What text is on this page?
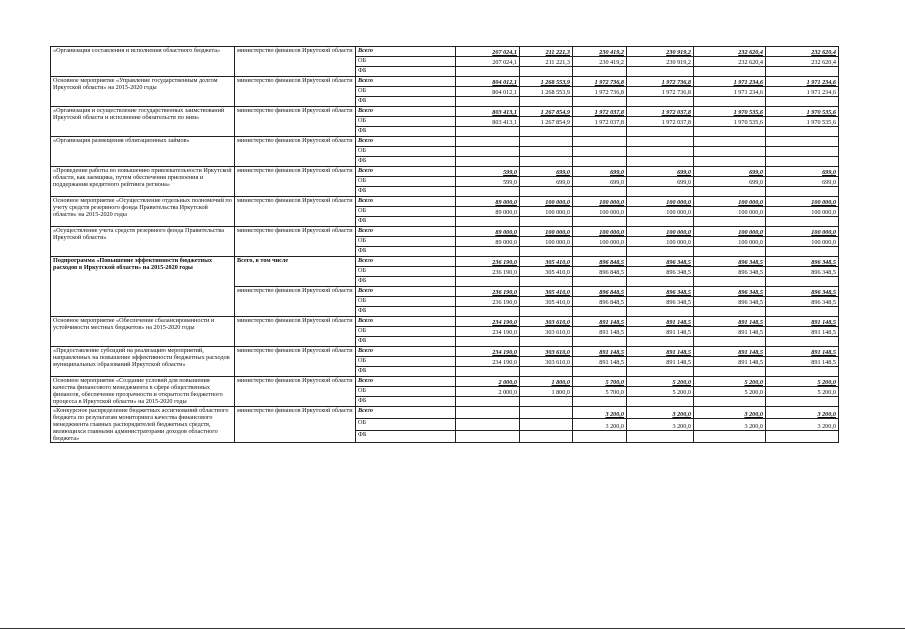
«Организация составления и исполнения областного бюджета»	министерство финансов Иркутской области	Всего	207 024,1	211 221,3	230 419,2	230 919,2	232 620,4	232 620,4
		ОБ	207 024,1	211 221,3	230 419,2	230 919,2	232 620,4	232 620,4
		ФБ						
Основное мероприятие «Управление государственным долгом Иркутской области» на 2015-2020 годы	министерство финансов Иркутской области	Всего	804 012,1	1 268 553,9	1 972 736,8	1 972 736,8	1 971 234,6	1 971 234,6
		ОБ	804 012,1	1 268 553,9	1 972 736,8	1 972 736,8	1 971 234,6	1 971 234,6
		ФБ						
«Организация и осуществление государственных заимствований Иркутской области и исполнение обязательств по ним»	министерство финансов Иркутской области	Всего	803 413,1	1 267 854,9	1 972 037,8	1 972 037,8	1 970 535,6	1 970 535,6
		ОБ	803 413,1	1 267 854,9	1 972 037,8	1 972 037,8	1 970 535,6	1 970 535,6
		ФБ						
«Организация размещения облигационных займов»	министерство финансов Иркутской области	Всего						
		ОБ						
		ФБ						
«Проведение работы по повышению привлекательности Иркутской области, как заемщика, путем обеспечения присвоения и поддержания кредитного рейтинга региона»	министерство финансов Иркутской области	Всего	599,0	699,0	699,0	699,0	699,0	699,0
		ОБ	599,0	699,0	699,0	699,0	699,0	699,0
		ФБ						
Основное мероприятие «Осуществление отдельных полномочий по учету средств резервного фонда Правительства Иркутской области» на 2015-2020 годы	министерство финансов Иркутской области	Всего	89 000,0	100 000,0	100 000,0	100 000,0	100 000,0	100 000,0
		ОБ	89 000,0	100 000,0	100 000,0	100 000,0	100 000,0	100 000,0
		ФБ						
«Осуществление учета средств резервного фонда Правительства Иркутской области»	министерство финансов Иркутской области	Всего	89 000,0	100 000,0	100 000,0	100 000,0	100 000,0	100 000,0
		ОБ	89 000,0	100 000,0	100 000,0	100 000,0	100 000,0	100 000,0
		ФБ						
Подпрограмма «Повышение эффективности бюджетных расходов в Иркутской области» на 2015-2020 годы	Всего, в том числе	Всего	236 190,0	305 410,0	896 848,5	896 348,5	896 348,5	896 348,5
		ОБ	236 190,0	305 410,0	896 848,5	896 348,5	896 348,5	896 348,5
		ФБ						
	министерство финансов Иркутской области	Всего	236 190,0	305 410,0	896 848,5	896 348,5	896 348,5	896 348,5
		ОБ	236 190,0	305 410,0	896 848,5	896 348,5	896 348,5	896 348,5
		ФБ						
Основное мероприятие «Обеспечение сбалансированности и устойчивости местных бюджетов» на 2015-2020 годы	министерство финансов Иркутской области	Всего	234 190,0	303 610,0	891 148,5	891 148,5	891 148,5	891 148,5
		ОБ	234 190,0	303 610,0	891 148,5	891 148,5	891 148,5	891 148,5
		ФБ						
«Предоставление субсидий на реализацию мероприятий, направленных на повышение эффективности бюджетных расходов муниципальных образований Иркутской области»	министерство финансов Иркутской области	Всего	234 190,0	303 610,0	891 148,5	891 148,5	891 148,5	891 148,5
		ОБ	234 190,0	303 610,0	891 148,5	891 148,5	891 148,5	891 148,5
		ФБ						
Основное мероприятие «Создание условий для повышения качества финансового менеджмента в сфере общественных финансов, обеспечение прозрачности и открытости бюджетного процесса в Иркутской области» на 2015-2020 годы	министерство финансов Иркутской области	Всего	2 000,0	1 800,0	5 700,0	5 200,0	5 200,0	5 200,0
		ОБ	2 000,0	1 800,0	5 700,0	5 200,0	5 200,0	5 200,0
		ФБ						
«Конкурсное распределение бюджетных ассигнований областного бюджета по результатам мониторинга качества финансового менеджмента главных распорядителей бюджетных средств, являющихся главными администраторами доходов областного бюджета»	министерство финансов Иркутской области	Всего			3 200,0	3 200,0	3 200,0	3 200,0
		ОБ			3 200,0	3 200,0	3 200,0	3 200,0
		ФБ						
